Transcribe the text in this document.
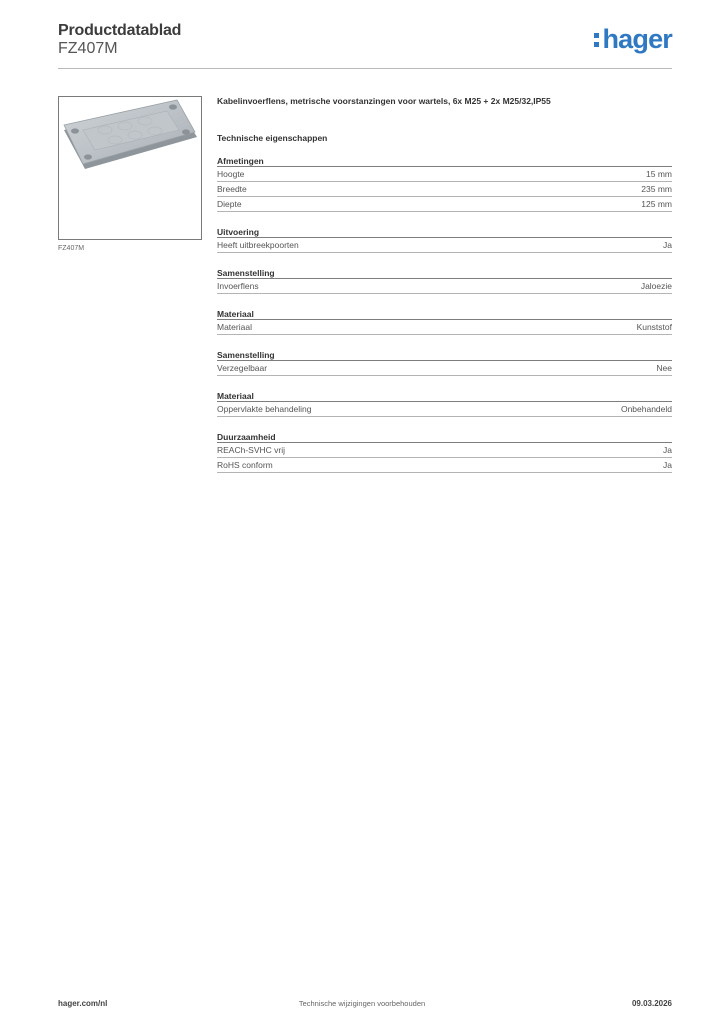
Productdatablad
FZ407M	hager
FZ407M
Kabelinvoerflens, metrische voorstanzingen voor wartels, 6x M25 + 2x M25/32,IP55
Technische eigenschappen
Afmetingen
Hoogte	15 mm
Breedte	235 mm
Diepte	125 mm
Uitvoering
Heeft uitbreekpoorten	Ja
Samenstelling
Invoerflens	Jaloezie
Materiaal
Materiaal	Kunststof
Samenstelling
Verzegelbaar	Nee
Materiaal
Oppervlakte behandeling	Onbehandeld
Duurzaamheid
REACh-SVHC vrij	Ja
RoHS conform	Ja
Technische wijzigingen voorbehouden
hager.com/nl	09.03.2026
